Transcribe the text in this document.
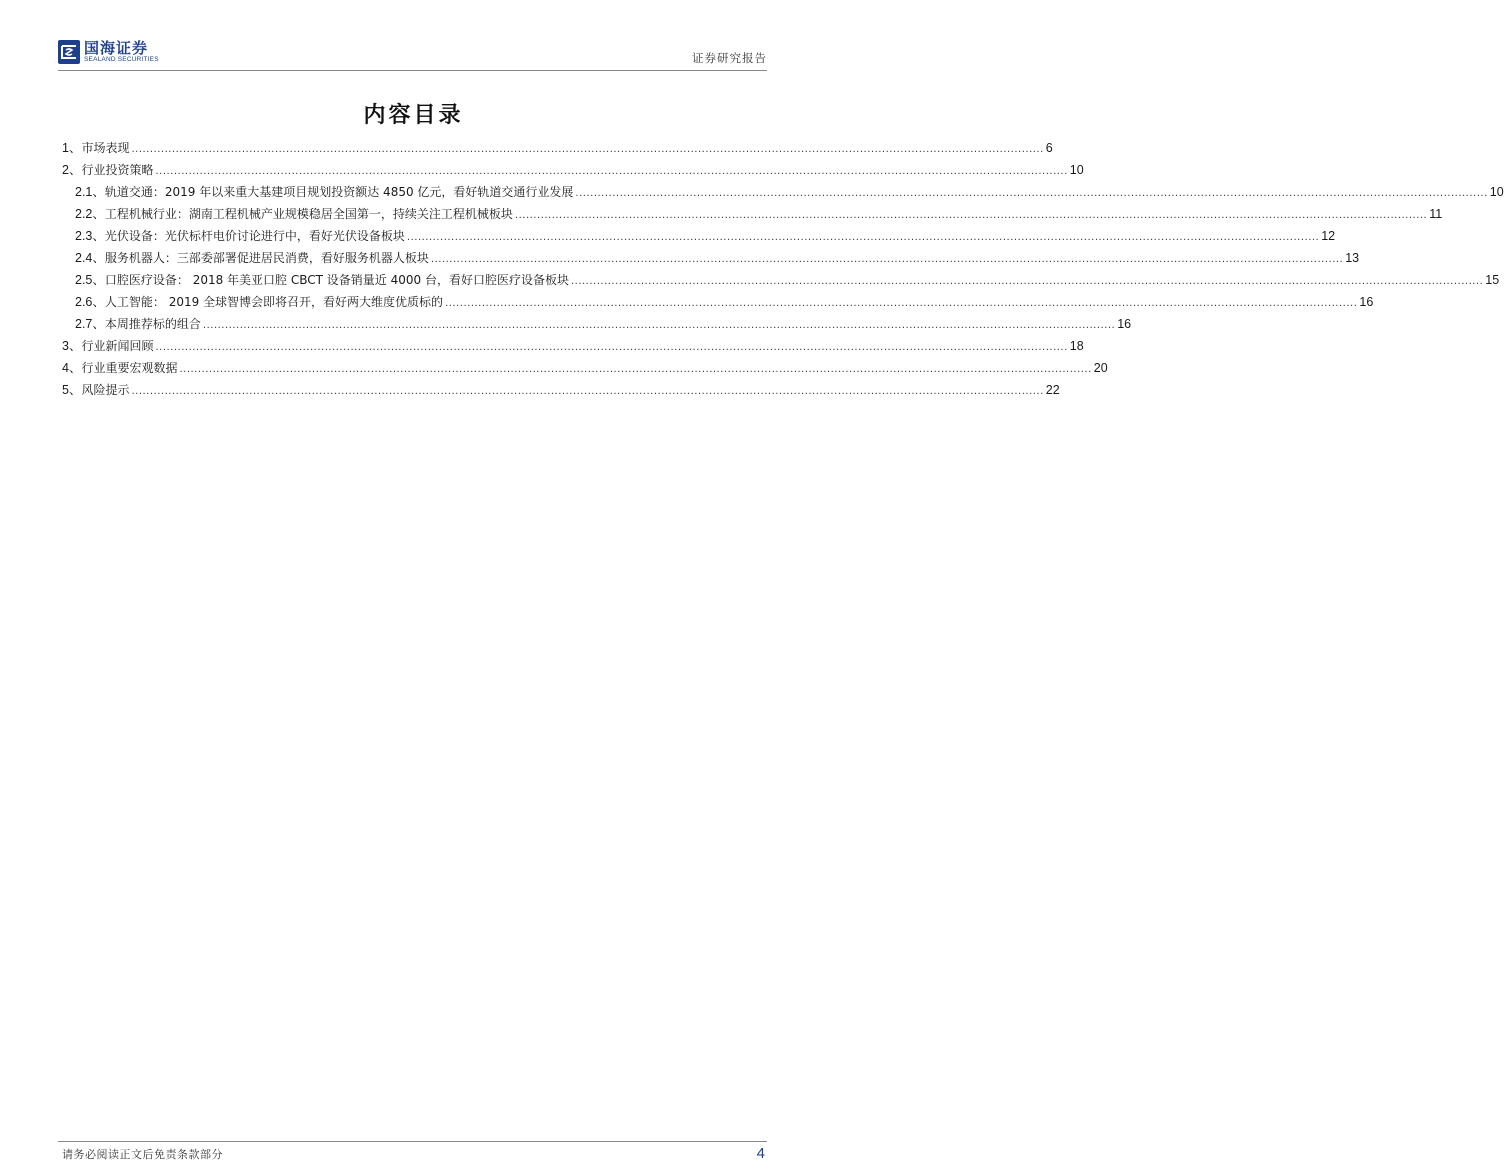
国海证券
SEALAND SECURITIES	证券研究报告
内容目录
1、 市场表现 .....	6
2、 行业投资策略 .....	10
2.1、 轨道交通：2019 年以来重大基建项目规划投资额达 4850 亿元，看好轨道交通行业发展 .....	10
2.2、 工程机械行业：湖南工程机械产业规模稳居全国第一，持续关注工程机械板块 .....	11
2.3、 光伏设备：光伏标杆电价讨论进行中，看好光伏设备板块 .....	12
2.4、 服务机器人：三部委部署促进居民消费，看好服务机器人板块 .....	13
2.5、 口腔医疗设备： 2018 年美亚口腔 CBCT 设备销量近 4000 台，看好口腔医疗设备板块 .....	15
2.6、 人工智能： 2019 全球智博会即将召开，看好两大维度优质标的 .....	16
2.7、 本周推荐标的组合 .....	16
3、 行业新闻回顾 .....	18
4、 行业重要宏观数据 .....	20
5、 风险提示 .....	22
请务必阅读正文后免责条款部分	4
